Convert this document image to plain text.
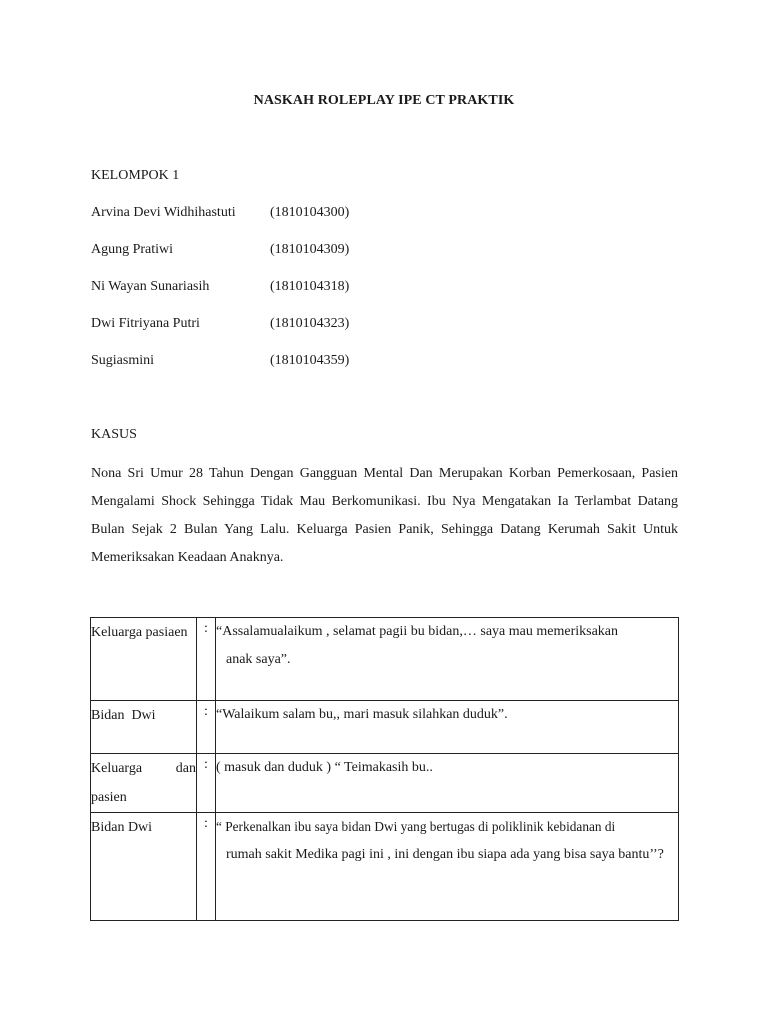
NASKAH ROLEPLAY IPE CT PRAKTIK
KELOMPOK 1
Arvina Devi Widhihastuti	(1810104300)
Agung Pratiwi	(1810104309)
Ni Wayan Sunariasih	(1810104318)
Dwi Fitriyana Putri	(1810104323)
Sugiasmini	(1810104359)
KASUS
Nona Sri Umur 28 Tahun Dengan Gangguan Mental Dan Merupakan Korban Pemerkosaan, Pasien Mengalami Shock Sehingga Tidak Mau Berkomunikasi. Ibu Nya Mengatakan Ia Terlambat Datang Bulan Sejak 2 Bulan Yang Lalu. Keluarga Pasien Panik, Sehingga Datang Kerumah Sakit Untuk Memeriksakan Keadaan Anaknya.
Keluarga pasiaen	:	“Assalamualaikum , selamat pagii bu bidan,… saya mau memeriksakan
anak saya”.

Bidan  Dwi	:	“Walaikum salam bu,, mari masuk silahkan duduk”.

Keluarga dan pasien	:	( masuk dan duduk ) “ Teimakasih bu..

Bidan Dwi	:	“ Perkenalkan ibu saya bidan Dwi yang bertugas di poliklinik kebidanan di
rumah sakit Medika pagi ini , ini dengan ibu siapa ada yang bisa saya bantu’’?
